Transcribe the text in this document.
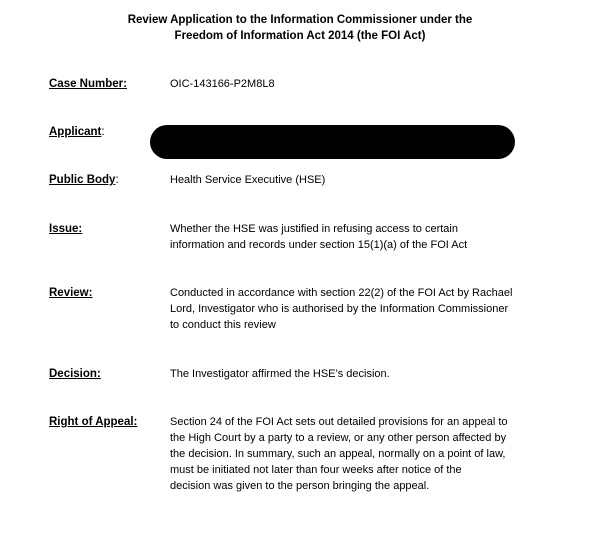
Review Application to the Information Commissioner under the
Freedom of Information Act 2014 (the FOI Act)
Case Number:	OIC-143166-P2M8L8
Applicant:
Public Body:	Health Service Executive (HSE)
Issue:	Whether the HSE was justified in refusing access to certain
information and records under section 15(1)(a) of the FOI Act
Review:	Conducted in accordance with section 22(2) of the FOI Act by Rachael
Lord, Investigator who is authorised by the Information Commissioner
to conduct this review
Decision:	The Investigator affirmed the HSE’s decision.
Right of Appeal:	Section 24 of the FOI Act sets out detailed provisions for an appeal to
the High Court by a party to a review, or any other person affected by
the decision. In summary, such an appeal, normally on a point of law,
must be initiated not later than four weeks after notice of the
decision was given to the person bringing the appeal.
